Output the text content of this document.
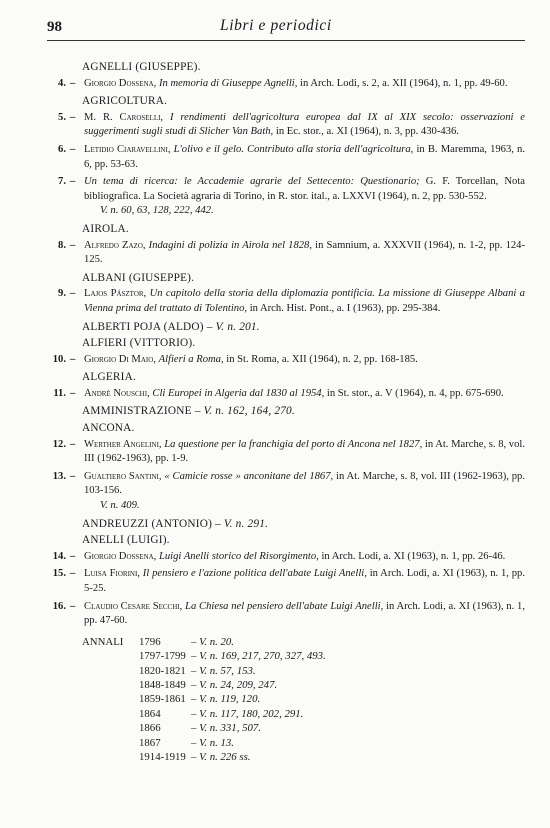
98	Libri e periodici
AGNELLI (GIUSEPPE).
4. – Giorgio Dossena, In memoria di Giuseppe Agnelli, in Arch. Lodi, s. 2, a. XII (1964), n. 1, pp. 49-60.
AGRICOLTURA.
5. – M. R. Caroselli, I rendimenti dell'agricoltura europea dal IX al XIX secolo: osservazioni e suggerimenti sugli studi di Slicher Van Bath, in Ec. stor., a. XI (1964), n. 3, pp. 430-436.
6. – Letidio Ciaravellini, L'olivo e il gelo. Contributo alla storia dell'agricoltura, in B. Maremma, 1963, n. 6, pp. 53-63.
7. – Un tema di ricerca: le Accademie agrarie del Settecento: Questionario; G. F. Torcellan, Nota bibliografica. La Società agraria di Torino, in R. stor. ital., a. LXXVI (1964), n. 2, pp. 530-552.
V. n. 60, 63, 128, 222, 442.
AIROLA.
8. – Alfredo Zazo, Indagini di polizia in Airola nel 1828, in Samnium, a. XXXVII (1964), n. 1-2, pp. 124-125.
ALBANI (GIUSEPPE).
9. – Lajos Pásztor, Un capitolo della storia della diplomazia pontificia. La missione di Giuseppe Albani a Vienna prima del trattato di Tolentino, in Arch. Hist. Pont., a. I (1963), pp. 295-384.
ALBERTI POJA (ALDO) – V. n. 201.
ALFIERI (VITTORIO).
10. – Giorgio Di Maio, Alfieri a Roma, in St. Roma, a. XII (1964), n. 2, pp. 168-185.
ALGERIA.
11. – André Nouschi, Cli Europei in Algeria dal 1830 al 1954, in St. stor., a. V (1964), n. 4, pp. 675-690.
AMMINISTRAZIONE – V. n. 162, 164, 270.
ANCONA.
12. – Werther Angelini, La questione per la franchigia del porto di Ancona nel 1827, in At. Marche, s. 8, vol. III (1962-1963), pp. 1-9.
13. – Gualtiero Santini, « Camicie rosse » anconitane del 1867, in At. Marche, s. 8, vol. III (1962-1963), pp. 103-156.
V. n. 409.
ANDREUZZI (ANTONIO) – V. n. 291.
ANELLI (LUIGI).
14. – Giorgio Dossena, Luigi Anelli storico del Risorgimento, in Arch. Lodi, a. XI (1963), n. 1, pp. 26-46.
15. – Luisa Fiorini, Il pensiero e l'azione politica dell'abate Luigi Anelli, in Arch. Lodi, a. XI (1963), n. 1, pp. 5-25.
16. – Claudio Cesare Secchi, La Chiesa nel pensiero dell'abate Luigi Anelli, in Arch. Lodi, a. XI (1963), n. 1, pp. 47-60.
ANNALI	1796	– V. n. 20.
1797-1799 – V. n. 169, 217, 270, 327, 493.
1820-1821 – V. n. 57, 153.
1848-1849 – V. n. 24, 209, 247.
1859-1861 – V. n. 119, 120.
1864	– V. n. 117, 180, 202, 291.
1866	– V. n. 331, 507.
1867	– V. n. 13.
1914-1919 – V. n. 226 ss.
